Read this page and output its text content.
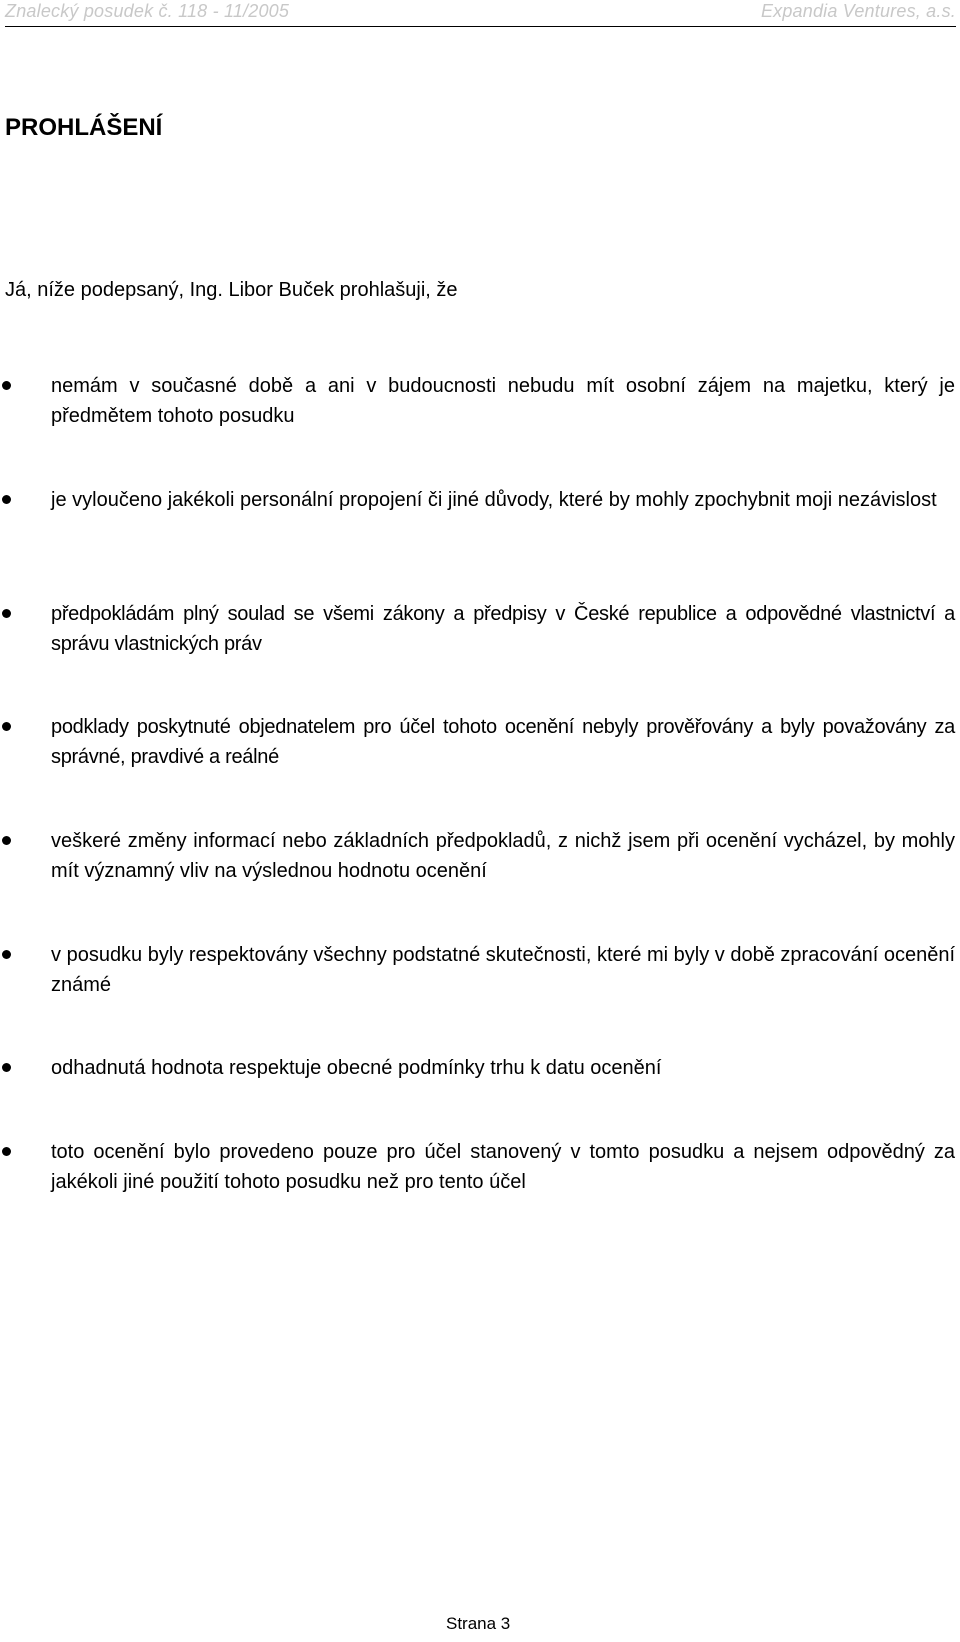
Znalecký posudek č. 118 - 11/2005	Expandia Ventures, a.s.
PROHLÁŠENÍ
Já, níže podepsaný, Ing. Libor Buček prohlašuji, že
nemám v současné době a ani v budoucnosti nebudu mít osobní zájem na majetku, který je předmětem tohoto posudku
je vyloučeno jakékoli personální propojení či jiné důvody, které by mohly zpochybnit moji nezávislost
předpokládám plný soulad se všemi zákony a předpisy v České republice a odpovědné vlastnictví a správu vlastnických práv
podklady poskytnuté objednatelem pro účel tohoto ocenění nebyly prověřovány a byly považovány za správné, pravdivé a reálné
veškeré změny informací nebo základních předpokladů, z nichž jsem při ocenění vycházel, by mohly mít významný vliv na výslednou hodnotu ocenění
v posudku byly respektovány všechny podstatné skutečnosti, které mi byly v době zpracování ocenění známé
odhadnutá hodnota respektuje obecné podmínky trhu k datu ocenění
toto ocenění bylo provedeno pouze pro účel stanovený v tomto posudku a nejsem odpovědný za jakékoli jiné použití tohoto posudku než pro tento účel
Strana 3
